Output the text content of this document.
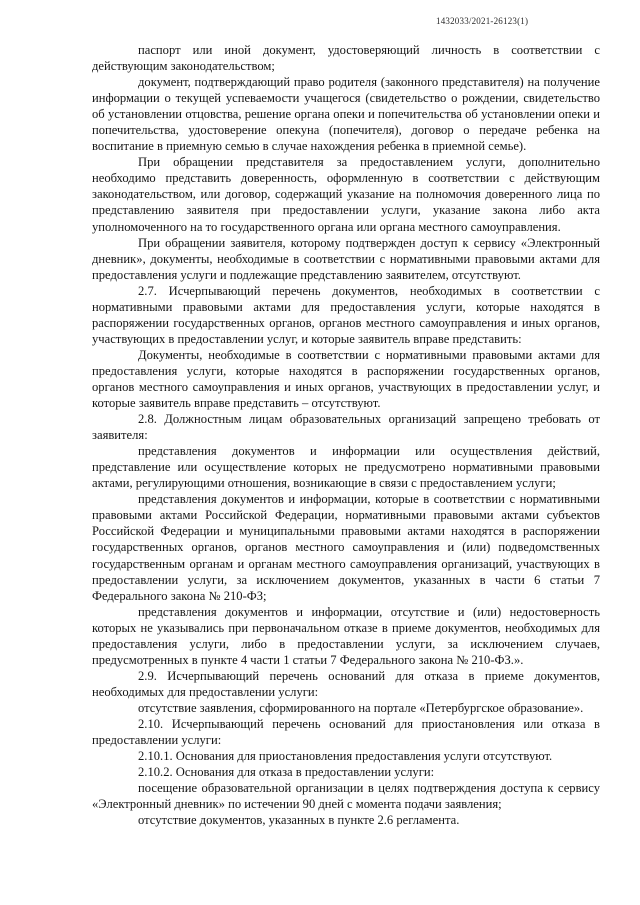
1432033/2021-26123(1)

паспорт или иной документ, удостоверяющий личность в соответствии с действующим законодательством;

документ, подтверждающий право родителя (законного представителя) на получение информации о текущей успеваемости учащегося (свидетельство о рождении, свидетельство об установлении отцовства, решение органа опеки и попечительства об установлении опеки и попечительства, удостоверение опекуна (попечителя), договор о передаче ребенка на воспитание в приемную семью в случае нахождения ребенка в приемной семье).

При обращении представителя за предоставлением услуги, дополнительно необходимо представить доверенность, оформленную в соответствии с действующим законодательством, или договор, содержащий указание на полномочия доверенного лица по представлению заявителя при предоставлении услуги, указание закона либо акта уполномоченного на то государственного органа или органа местного самоуправления.

При обращении заявителя, которому подтвержден доступ к сервису «Электронный дневник», документы, необходимые в соответствии с нормативными правовыми актами для предоставления услуги и подлежащие представлению заявителем, отсутствуют.

2.7. Исчерпывающий перечень документов, необходимых в соответствии с нормативными правовыми актами для предоставления услуги, которые находятся в распоряжении государственных органов, органов местного самоуправления и иных органов, участвующих в предоставлении услуг, и которые заявитель вправе представить:

Документы, необходимые в соответствии с нормативными правовыми актами для предоставления услуги, которые находятся в распоряжении государственных органов, органов местного самоуправления и иных органов, участвующих в предоставлении услуг, и которые заявитель вправе представить – отсутствуют.

2.8. Должностным лицам образовательных организаций запрещено требовать от заявителя:

представления документов и информации или осуществления действий, представление или осуществление которых не предусмотрено нормативными правовыми актами, регулирующими отношения, возникающие в связи с предоставлением услуги;

представления документов и информации, которые в соответствии с нормативными правовыми актами Российской Федерации, нормативными правовыми актами субъектов Российской Федерации и муниципальными правовыми актами находятся в распоряжении государственных органов, органов местного самоуправления и (или) подведомственных государственным органам и органам местного самоуправления организаций, участвующих в предоставлении услуги, за исключением документов, указанных в части 6 статьи 7 Федерального закона № 210-ФЗ;

представления документов и информации, отсутствие и (или) недостоверность которых не указывались при первоначальном отказе в приеме документов, необходимых для предоставления услуги, либо в предоставлении услуги, за исключением случаев, предусмотренных в пункте 4 части 1 статьи 7 Федерального закона № 210-ФЗ.».

2.9. Исчерпывающий перечень оснований для отказа в приеме документов, необходимых для предоставлении услуги:

отсутствие заявления, сформированного на портале «Петербургское образование».

2.10. Исчерпывающий перечень оснований для приостановления или отказа в предоставлении услуги:

2.10.1. Основания для приостановления предоставления услуги отсутствуют.

2.10.2. Основания для отказа в предоставлении услуги:

посещение образовательной организации в целях подтверждения доступа к сервису «Электронный дневник» по истечении 90 дней с момента подачи заявления;

отсутствие документов, указанных в пункте 2.6 регламента.
